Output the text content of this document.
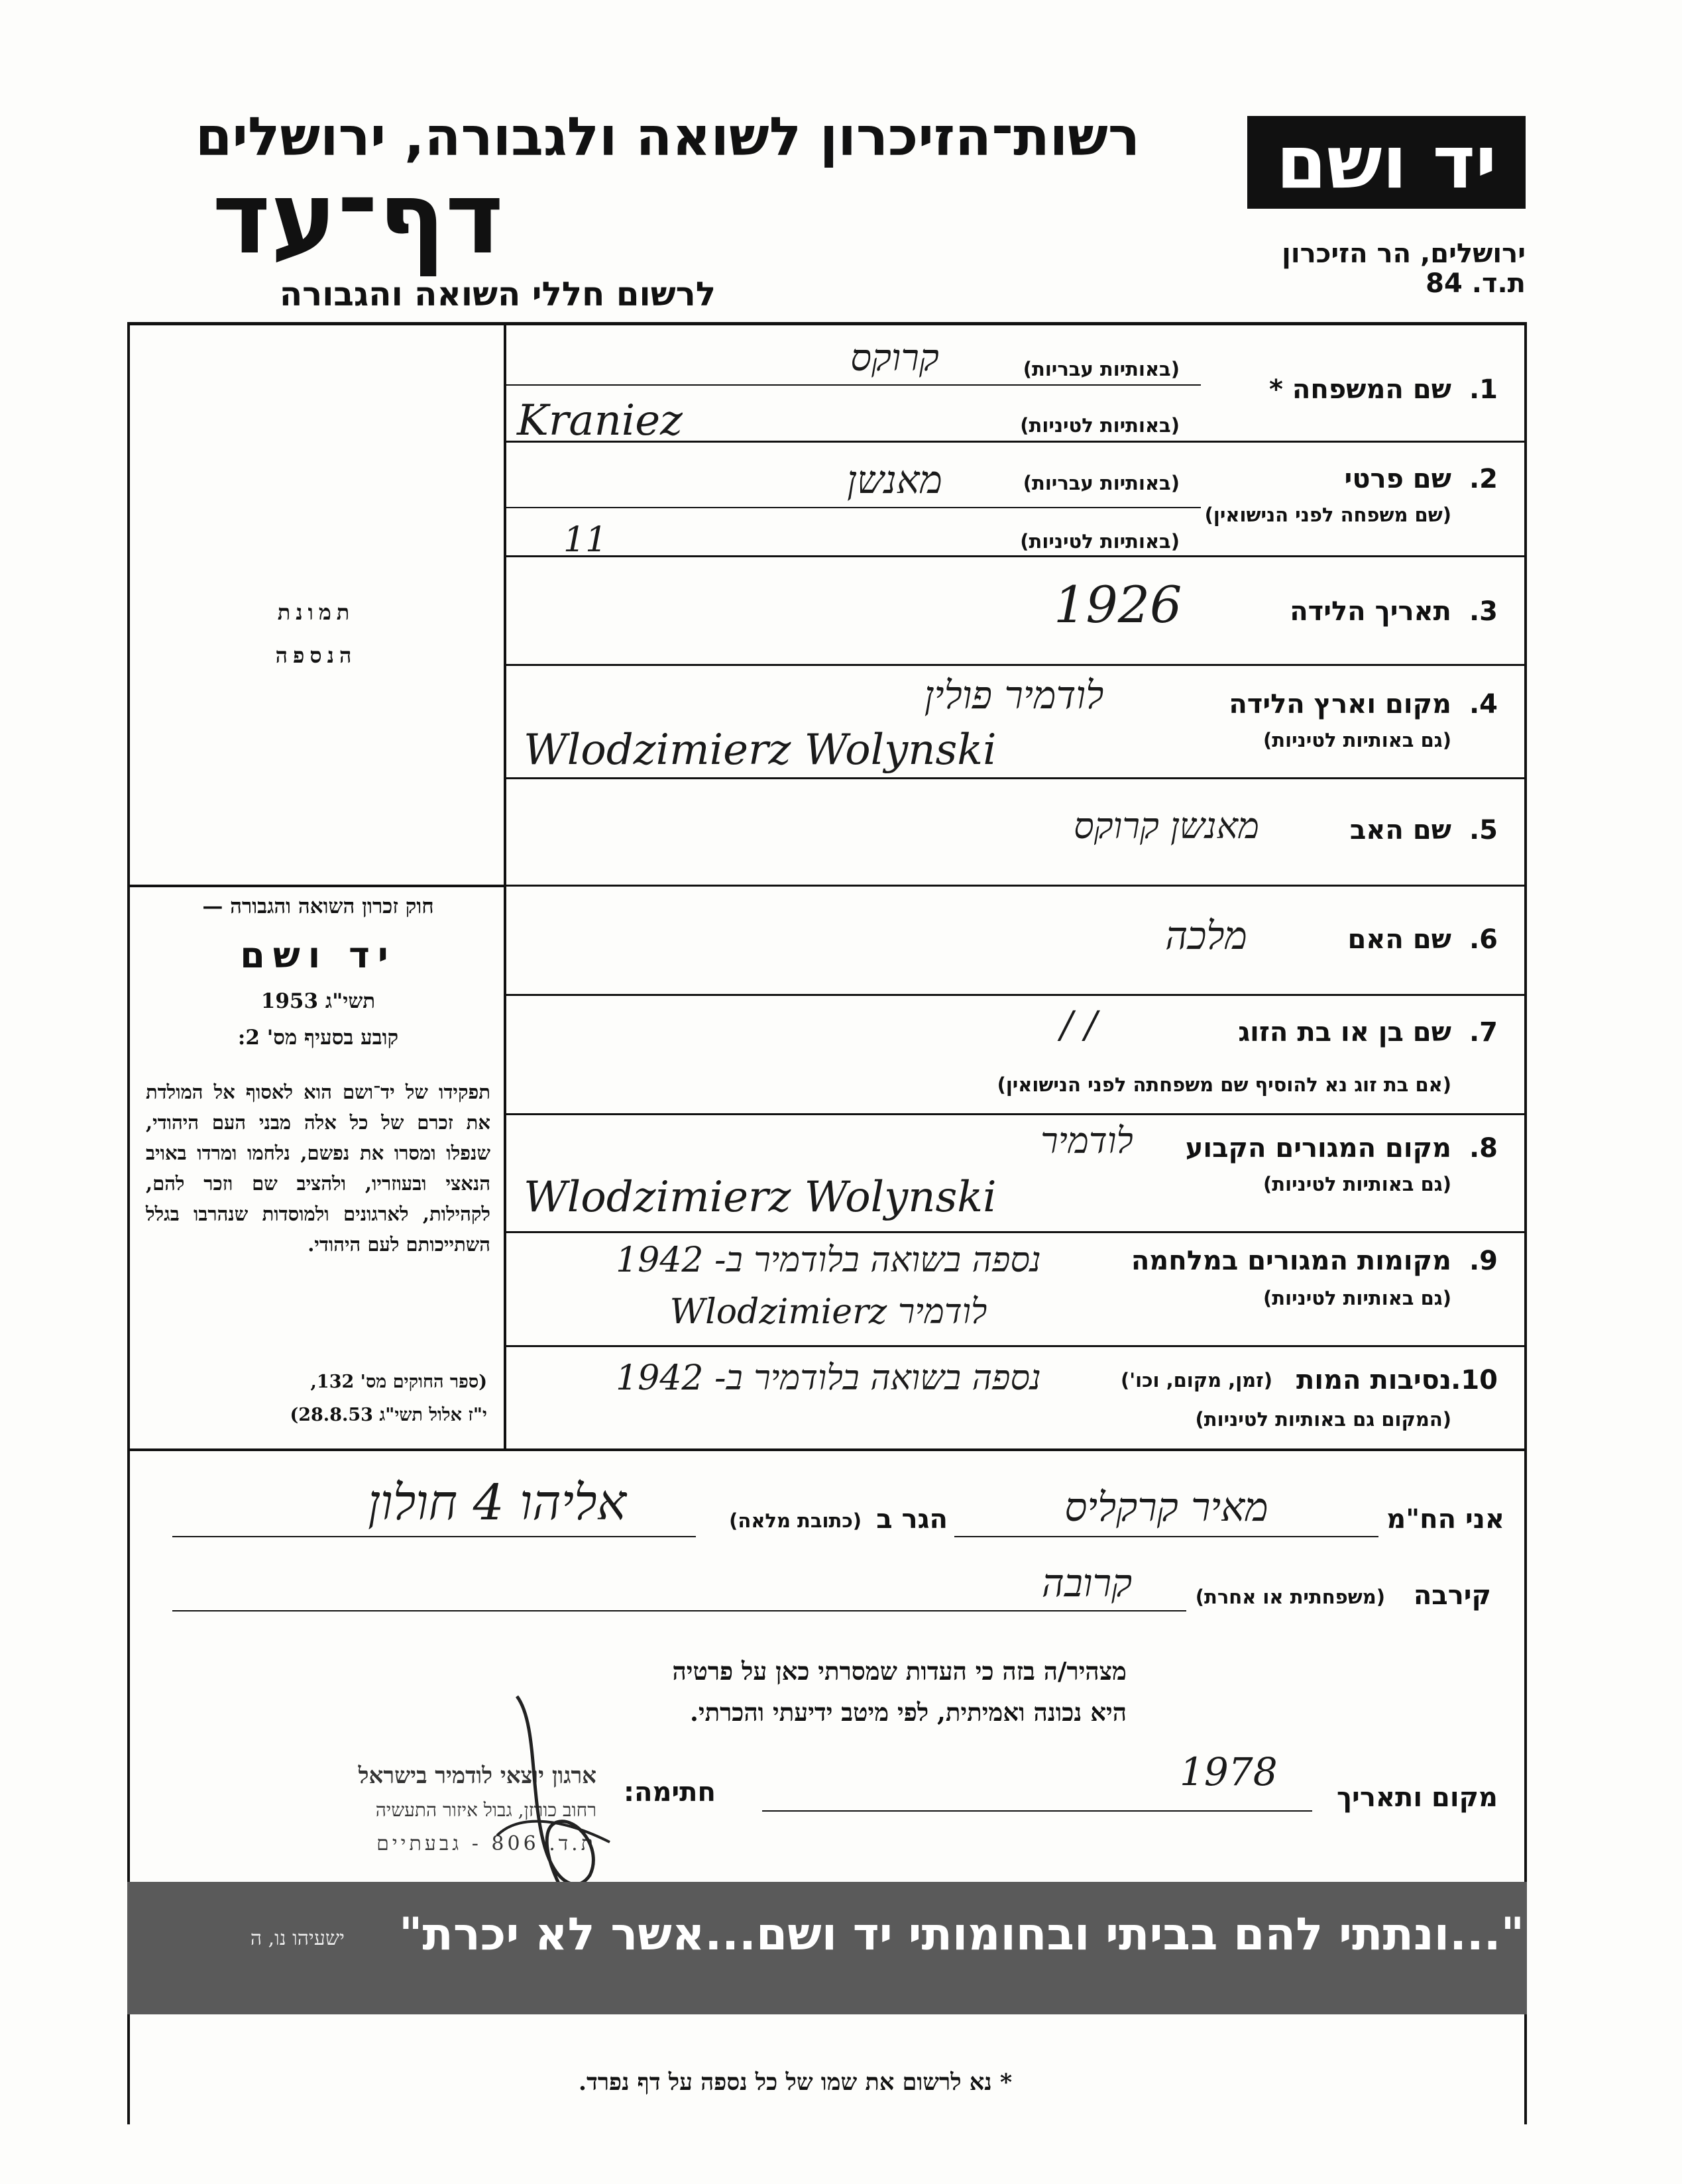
יד ושם
ירושלים, הר הזיכרון
ת.ד. 84
רשות־הזיכרון לשואה ולגבורה, ירושלים
דף־עד
לרשום חללי השואה והגבורה
תמונת
הנספה
חוק זכרון השואה והגבורה —
יד ושם
תשי"ג 1953
קובע בסעיף מס' 2:
תפקידו של יד־ושם הוא לאסוף אל המולדת את זכרם של כל אלה מבני העם היהודי, שנפלו ומסרו את נפשם, נלחמו ומרדו באויב הנאצי ובעוזריו, ולהציב שם וזכר להם, לקהילות, לארגונים ולמוסדות שנהרבו בגלל השתייכותם לעם היהודי.
(ספר החוקים מס' 132,
י"ז אלול תשי"ג 28.8.53)
1.
שם המשפחה *
(באותיות עבריות)
(באותיות לטיניות)
קרוקס
Kraniez
2.
שם פרטי
(שם משפחה לפני הנישואין)
(באותיות עבריות)
(באותיות לטיניות)
מאנשן
11
3.
תאריך הלידה
1926
4.
מקום וארץ הלידה
(גם באותיות לטיניות)
לודמיר פולין
Wlodzimierz Wolynski
5.
שם האב
מאנשן קרוקס
6.
שם האם
מלכה
7.
שם בן או בת הזוג
(אם בת זוג נא להוסיף שם משפחתה לפני הנישואין)
/ /
8.
מקום המגורים הקבוע
(גם באותיות לטיניות)
לודמיר
Wlodzimierz Wolynski
9.
מקומות המגורים במלחמה
(גם באותיות לטיניות)
נספה בשואה בלודמיר ב- 1942
לודמיר Wlodzimierz
10.
נסיבות המות
(זמן, מקום, וכו')
(המקום גם באותיות לטיניות)
נספה בשואה בלודמיר ב- 1942
אני הח"מ
מאיר קרקליס
הגר ב
(כתובת מלאה)
אליהו 4 חולון
קירבה
(משפחתית או אחרת)
קרובה
מצהיר/ה בזה כי העדות שמסרתי כאן על פרטיה
היא נכונה ואמיתית, לפי מיטב ידיעתי והכרתי.
מקום ותאריך
1978
חתימה:
ארגון יוצאי לודמיר בישראל
רחוב כורזן, גבול איזור התעשיה
ת.ד. 806 - גבעתיים
"...ונתתי להם בביתי ובחומותי יד ושם...אשר לא יכרת"
ישעיהו נו, ה
* נא לרשום את שמו של כל נספה על דף נפרד.
